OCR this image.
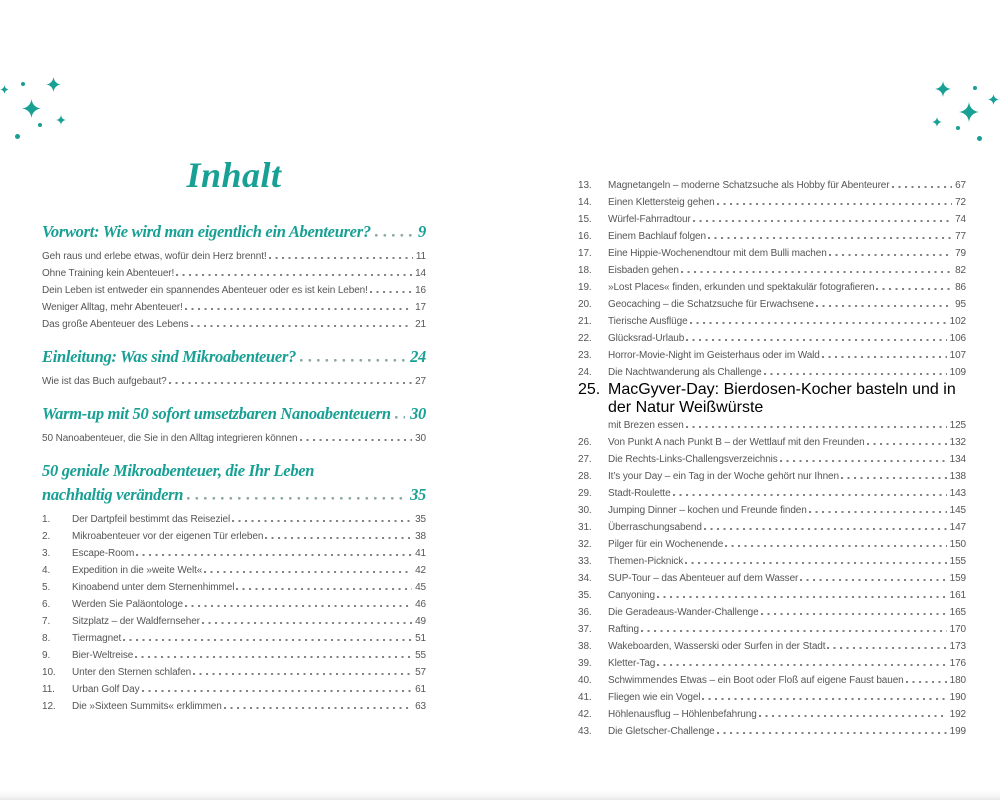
Inhalt
Vorwort: Wie wird man eigentlich ein Abenteurer?	9
Geh raus und erlebe etwas, wofür dein Herz brennt!	11
Ohne Training kein Abenteuer!	14
Dein Leben ist entweder ein spannendes Abenteuer oder es ist kein Leben!	16
Weniger Alltag, mehr Abenteuer!	17
Das große Abenteuer des Lebens	21
Einleitung: Was sind Mikroabenteuer?	24
Wie ist das Buch aufgebaut?	27
Warm-up mit 50 sofort umsetzbaren Nanoabenteuern 30
50 Nanoabenteuer, die Sie in den Alltag integrieren können	30
50 geniale Mikroabenteuer, die Ihr Leben
nachhaltig verändern	35
1.	Der Dartpfeil bestimmt das Reiseziel	35
2.	Mikroabenteuer vor der eigenen Tür erleben	38
3.	Escape-Room	41
4.	Expedition in die »weite Welt«	42
5.	Kinoabend unter dem Sternenhimmel	45
6.	Werden Sie Paläontologe	46
7.	Sitzplatz – der Waldfernseher	49
8.	Tiermagnet	51
9.	Bier-Weltreise	55
10.	Unter den Sternen schlafen	57
11.	Urban Golf Day	61
12.	Die »Sixteen Summits« erklimmen	63
13.	Magnetangeln – moderne Schatzsuche als Hobby für Abenteurer	67
14.	Einen Klettersteig gehen	72
15.	Würfel-Fahrradtour	74
16.	Einem Bachlauf folgen	77
17.	Eine Hippie-Wochenendtour mit dem Bulli machen	79
18.	Eisbaden gehen	82
19.	»Lost Places« finden, erkunden und spektakulär fotografieren	86
20.	Geocaching – die Schatzsuche für Erwachsene	95
21.	Tierische Ausflüge	102
22.	Glücksrad-Urlaub	106
23.	Horror-Movie-Night im Geisterhaus oder im Wald	107
24.	Die Nachtwanderung als Challenge	109
25. MacGyver-Day: Bierdosen-Kocher basteln und in der Natur Weißwürste
mit Brezen essen	125
26.	Von Punkt A nach Punkt B – der Wettlauf mit den Freunden	132
27.	Die Rechts-Links-Challengsverzeichnis	134
28.	It’s your Day – ein Tag in der Woche gehört nur Ihnen	138
29.	Stadt-Roulette	143
30.	Jumping Dinner – kochen und Freunde finden	145
31.	Überraschungsabend	147
32.	Pilger für ein Wochenende	150
33.	Themen-Picknick	155
34.	SUP-Tour – das Abenteuer auf dem Wasser	159
35.	Canyoning	161
36.	Die Geradeaus-Wander-Challenge	165
37.	Rafting	170
38.	Wakeboarden, Wasserski oder Surfen in der Stadt	173
39.	Kletter-Tag	176
40.	Schwimmendes Etwas – ein Boot oder Floß auf eigene Faust bauen	180
41.	Fliegen wie ein Vogel	190
42.	Höhlenausflug – Höhlenbefahrung	192
43.	Die Gletscher-Challenge	199
